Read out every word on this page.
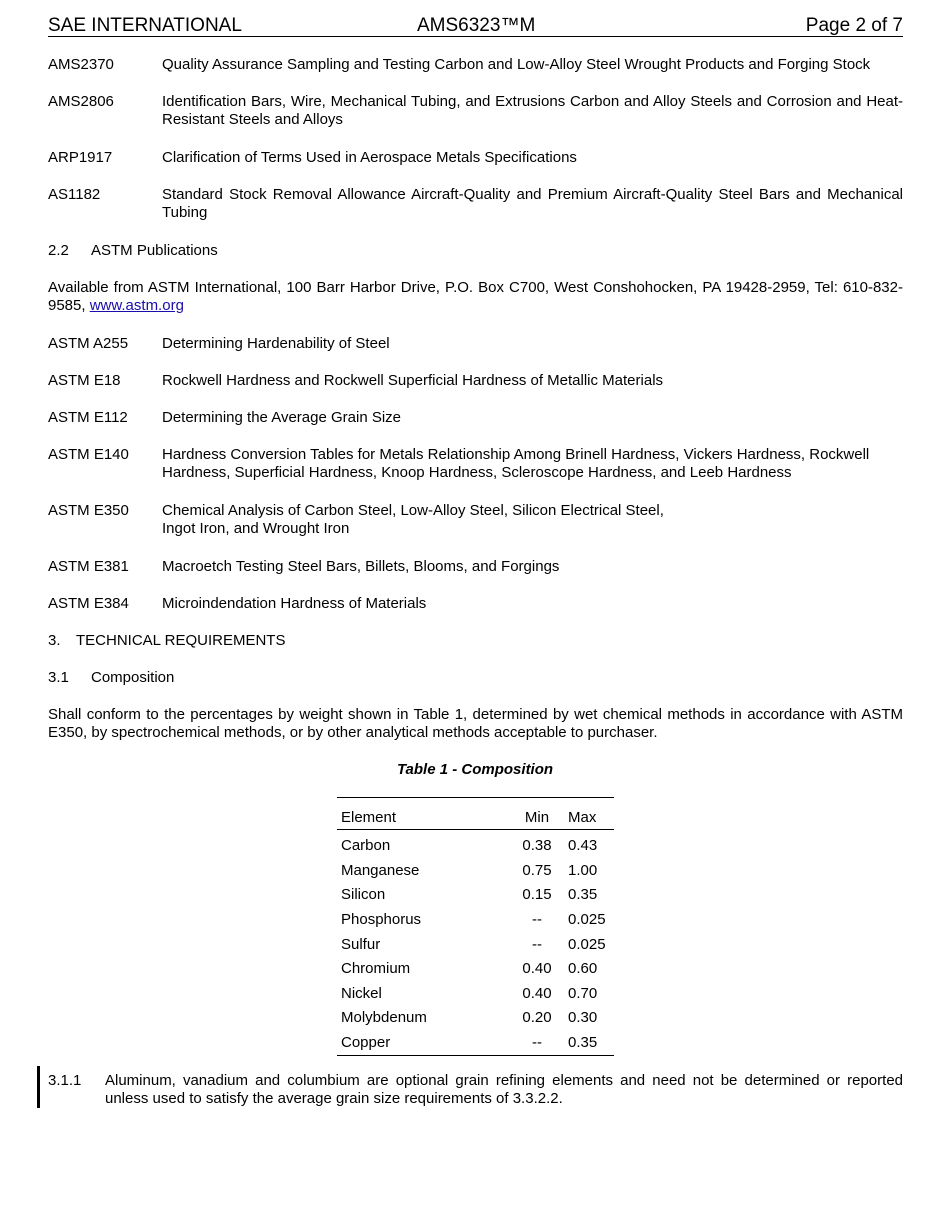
SAE INTERNATIONAL	AMS6323™M	Page 2 of 7
AMS2370	Quality Assurance Sampling and Testing Carbon and Low-Alloy Steel Wrought Products and Forging Stock
AMS2806	Identification Bars, Wire, Mechanical Tubing, and Extrusions Carbon and Alloy Steels and Corrosion and Heat-Resistant Steels and Alloys
ARP1917	Clarification of Terms Used in Aerospace Metals Specifications
AS1182	Standard Stock Removal Allowance Aircraft-Quality and Premium Aircraft-Quality Steel Bars and Mechanical Tubing
2.2 ASTM Publications
Available from ASTM International, 100 Barr Harbor Drive, P.O. Box C700, West Conshohocken, PA 19428-2959, Tel: 610-832-9585, www.astm.org
ASTM A255 Determining Hardenability of Steel
ASTM E18	Rockwell Hardness and Rockwell Superficial Hardness of Metallic Materials
ASTM E112 Determining the Average Grain Size
ASTM E140 Hardness Conversion Tables for Metals Relationship Among Brinell Hardness, Vickers Hardness, Rockwell Hardness, Superficial Hardness, Knoop Hardness, Scleroscope Hardness, and Leeb Hardness
ASTM E350 Chemical Analysis of Carbon Steel, Low-Alloy Steel, Silicon Electrical Steel,
Ingot Iron, and Wrought Iron
ASTM E381 Macroetch Testing Steel Bars, Billets, Blooms, and Forgings
ASTM E384 Microindendation Hardness of Materials
3. TECHNICAL REQUIREMENTS
3.1 Composition
Shall conform to the percentages by weight shown in Table 1, determined by wet chemical methods in accordance with ASTM E350, by spectrochemical methods, or by other analytical methods acceptable to purchaser.
Table 1 - Composition
Element	Min	Max
Carbon	0.38	0.43
Manganese	0.75	1.00
Silicon	0.15	0.35
Phosphorus	--	0.025
Sulfur	--	0.025
Chromium	0.40	0.60
Nickel	0.40	0.70
Molybdenum	0.20	0.30
Copper	--	0.35
3.1.1 Aluminum, vanadium and columbium are optional grain refining elements and need not be determined or reported unless used to satisfy the average grain size requirements of 3.3.2.2.
